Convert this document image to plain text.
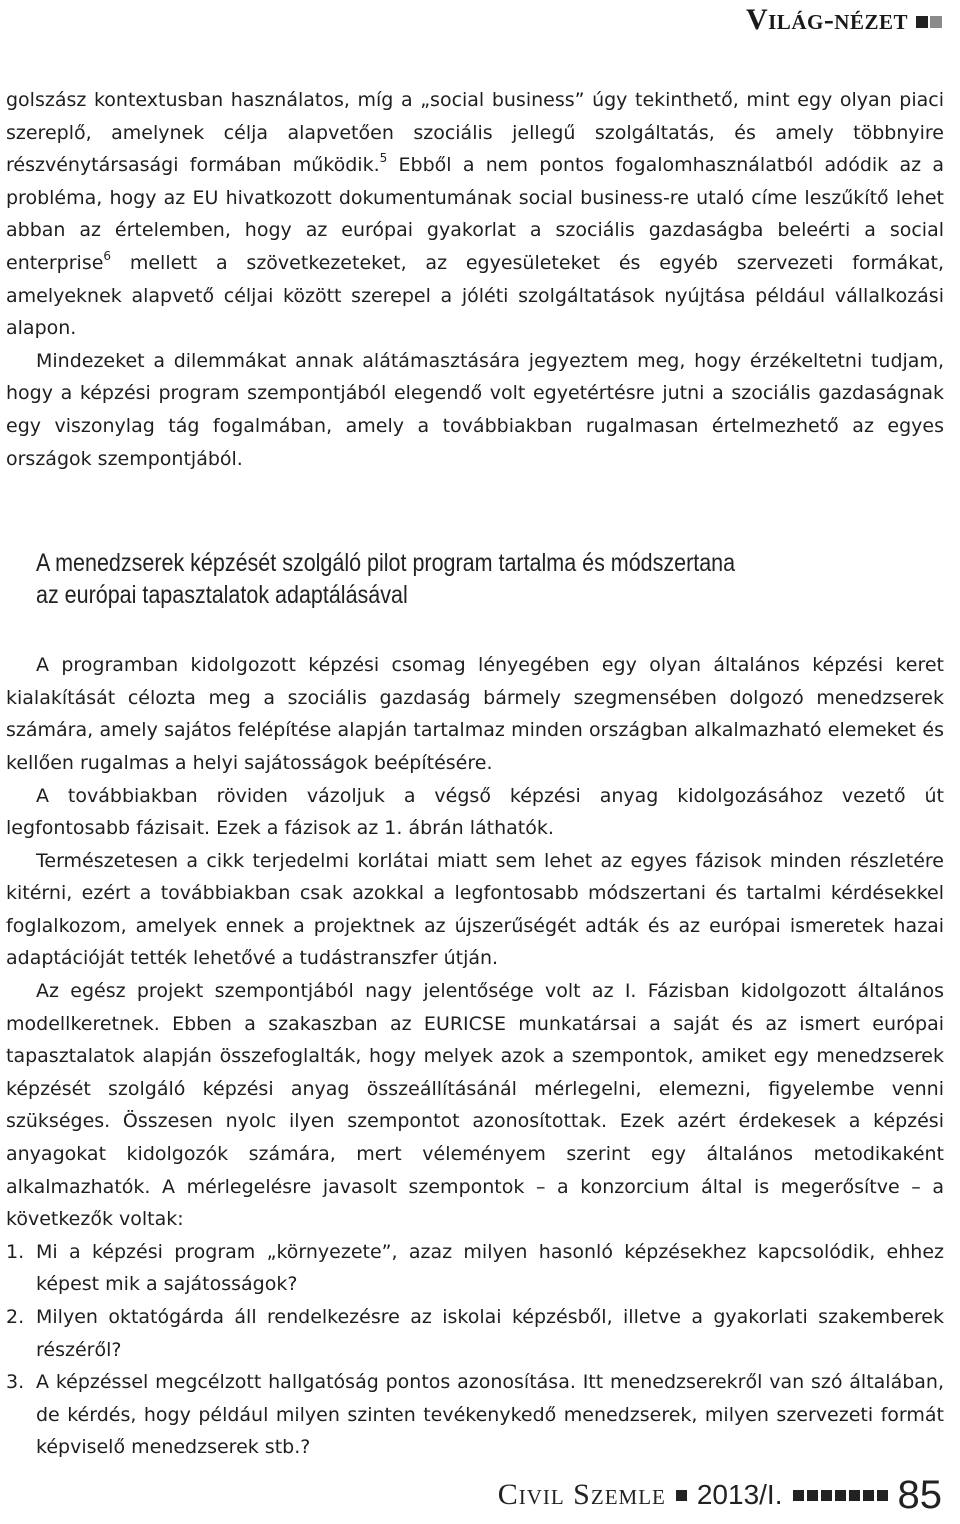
Világ-nézet

golszász kontextusban használatos, míg a „social business” úgy tekinthető, mint egy olyan piaci szereplő, amelynek célja alapvetően szociális jellegű szolgáltatás, és amely többnyire részvénytársasági formában működik.$^5$ Ebből a nem pontos fogalomhasználatból adódik az a probléma, hogy az EU hivatkozott dokumentumának social business-re utaló címe leszűkítő lehet abban az értelemben, hogy az európai gyakorlat a szociális gazdaságba beleérti a social enterprise$^6$ mellett a szövetkezeteket, az egyesületeket és egyéb szervezeti formákat, amelyeknek alapvető céljai között szerepel a jóléti szolgáltatások nyújtása például vállalkozási alapon.

Mindezeket a dilemmákat annak alátámasztására jegyeztem meg, hogy érzékeltetni tudjam, hogy a képzési program szempontjából elegendő volt egyetértésre jutni a szociális gazdaságnak egy viszonylag tág fogalmában, amely a továbbiakban rugalmasan értelmezhető az egyes országok szempontjából.

A menedzserek képzését szolgáló pilot program tartalma és módszertana
az európai tapasztalatok adaptálásával

A programban kidolgozott képzési csomag lényegében egy olyan általános képzési keret kialakítását célozta meg a szociális gazdaság bármely szegmensében dolgozó menedzserek számára, amely sajátos felépítése alapján tartalmaz minden országban alkalmazható elemeket és kellően rugalmas a helyi sajátosságok beépítésére.

A továbbiakban röviden vázoljuk a végső képzési anyag kidolgozásához vezető út legfontosabb fázisait. Ezek a fázisok az 1. ábrán láthatók.

Természetesen a cikk terjedelmi korlátai miatt sem lehet az egyes fázisok minden részletére kitérni, ezért a továbbiakban csak azokkal a legfontosabb módszertani és tartalmi kérdésekkel foglalkozom, amelyek ennek a projektnek az újszerűségét adták és az európai ismeretek hazai adaptációját tették lehetővé a tudástranszfer útján.

Az egész projekt szempontjából nagy jelentősége volt az I. Fázisban kidolgozott általános modellkeretnek. Ebben a szakaszban az EURICSE munkatársai a saját és az ismert európai tapasztalatok alapján összefoglalták, hogy melyek azok a szempontok, amiket egy menedzserek képzését szolgáló képzési anyag összeállításánál mérlegelni, elemezni, figyelembe venni szükséges. Összesen nyolc ilyen szempontot azonosítottak. Ezek azért érdekesek a képzési anyagokat kidolgozók számára, mert véleményem szerint egy általános metodikaként alkalmazhatók. A mérlegelésre javasolt szempontok – a konzorcium által is megerősítve – a következők voltak:

1. Mi a képzési program „környezete”, azaz milyen hasonló képzésekhez kapcsolódik, ehhez képest mik a sajátosságok?
2. Milyen oktatógárda áll rendelkezésre az iskolai képzésből, illetve a gyakorlati szakemberek részéről?
3. A képzéssel megcélzott hallgatóság pontos azonosítása. Itt menedzserekről van szó általában, de kérdés, hogy például milyen szinten tevékenykedő menedzserek, milyen szervezeti formát képviselő menedzserek stb.?
Civil Szemle 2013/I.	85
